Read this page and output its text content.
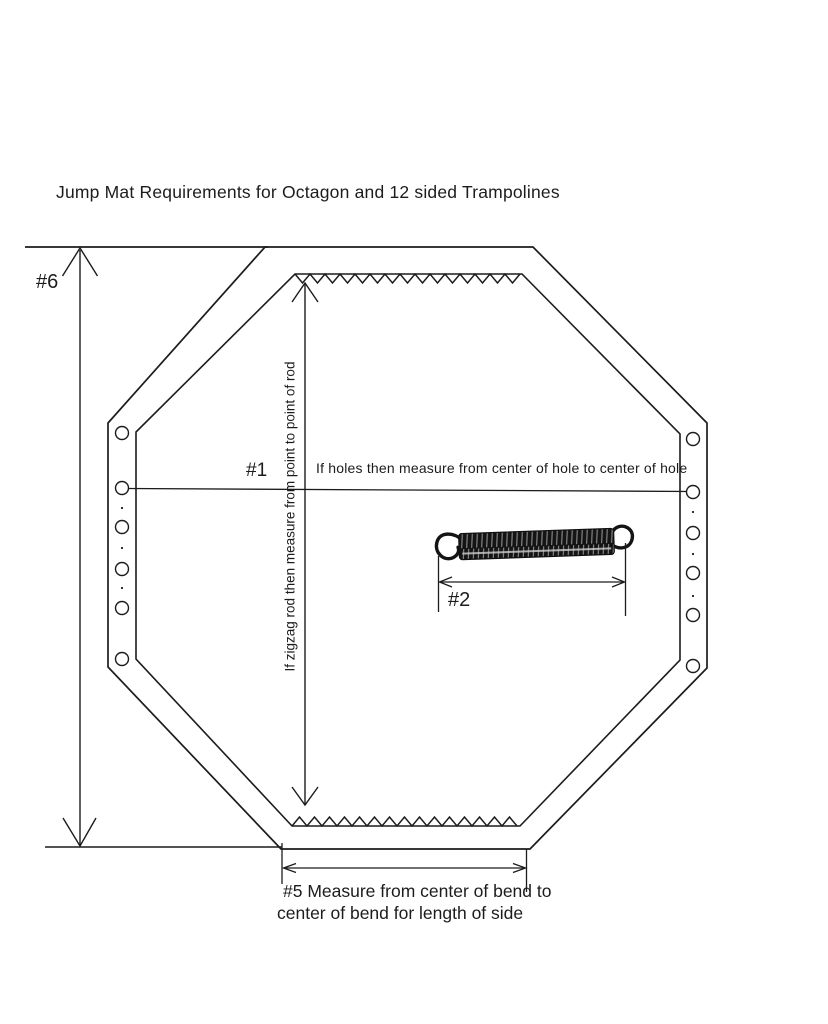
Jump Mat Requirements for Octagon and 12 sided Trampolines
#6
#1	If holes then measure from center of hole to center of hole
If zigzag rod then measure from point to point of rod	#2
#5 Measure from center of bend to
center of bend for length of side
